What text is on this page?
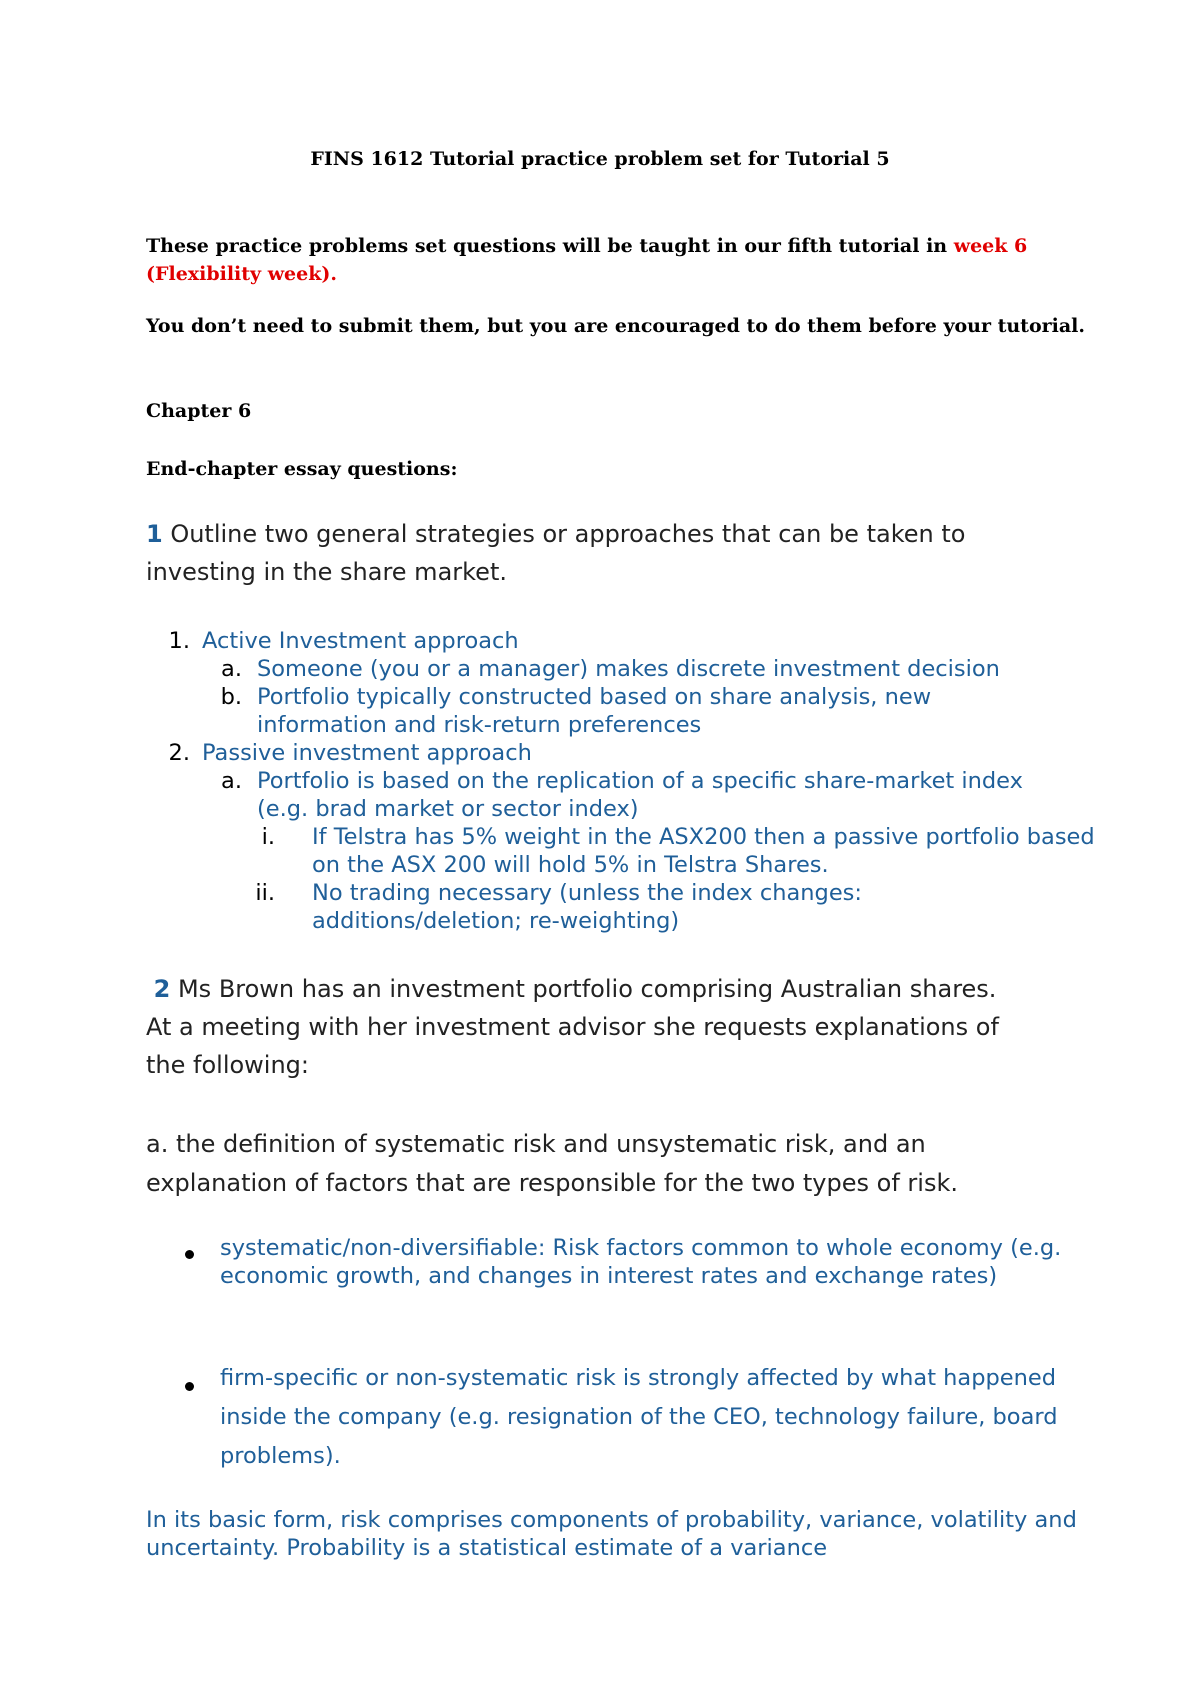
FINS 1612 Tutorial practice problem set for Tutorial 5
These practice problems set questions will be taught in our fifth tutorial in week 6 (Flexibility week).
You don’t need to submit them, but you are encouraged to do them before your tutorial.
Chapter 6
End-chapter essay questions:
1 Outline two general strategies or approaches that can be taken to investing in the share market.
1. Active Investment approach
a. Someone (you or a manager) makes discrete investment decision
b. Portfolio typically constructed based on share analysis, new information and risk-return preferences
2. Passive investment approach
a. Portfolio is based on the replication of a specific share-market index (e.g. brad market or sector index)
i. If Telstra has 5% weight in the ASX200 then a passive portfolio based on the ASX 200 will hold 5% in Telstra Shares.
ii. No trading necessary (unless the index changes: additions/deletion; re-weighting)
2 Ms Brown has an investment portfolio comprising Australian shares. At a meeting with her investment advisor she requests explanations of the following:
a. the definition of systematic risk and unsystematic risk, and an explanation of factors that are responsible for the two types of risk.
systematic/non-diversifiable: Risk factors common to whole economy (e.g. economic growth, and changes in interest rates and exchange rates)
firm-specific or non-systematic risk is strongly affected by what happened inside the company (e.g. resignation of the CEO, technology failure, board problems).
In its basic form, risk comprises components of probability, variance, volatility and uncertainty. Probability is a statistical estimate of a variance
